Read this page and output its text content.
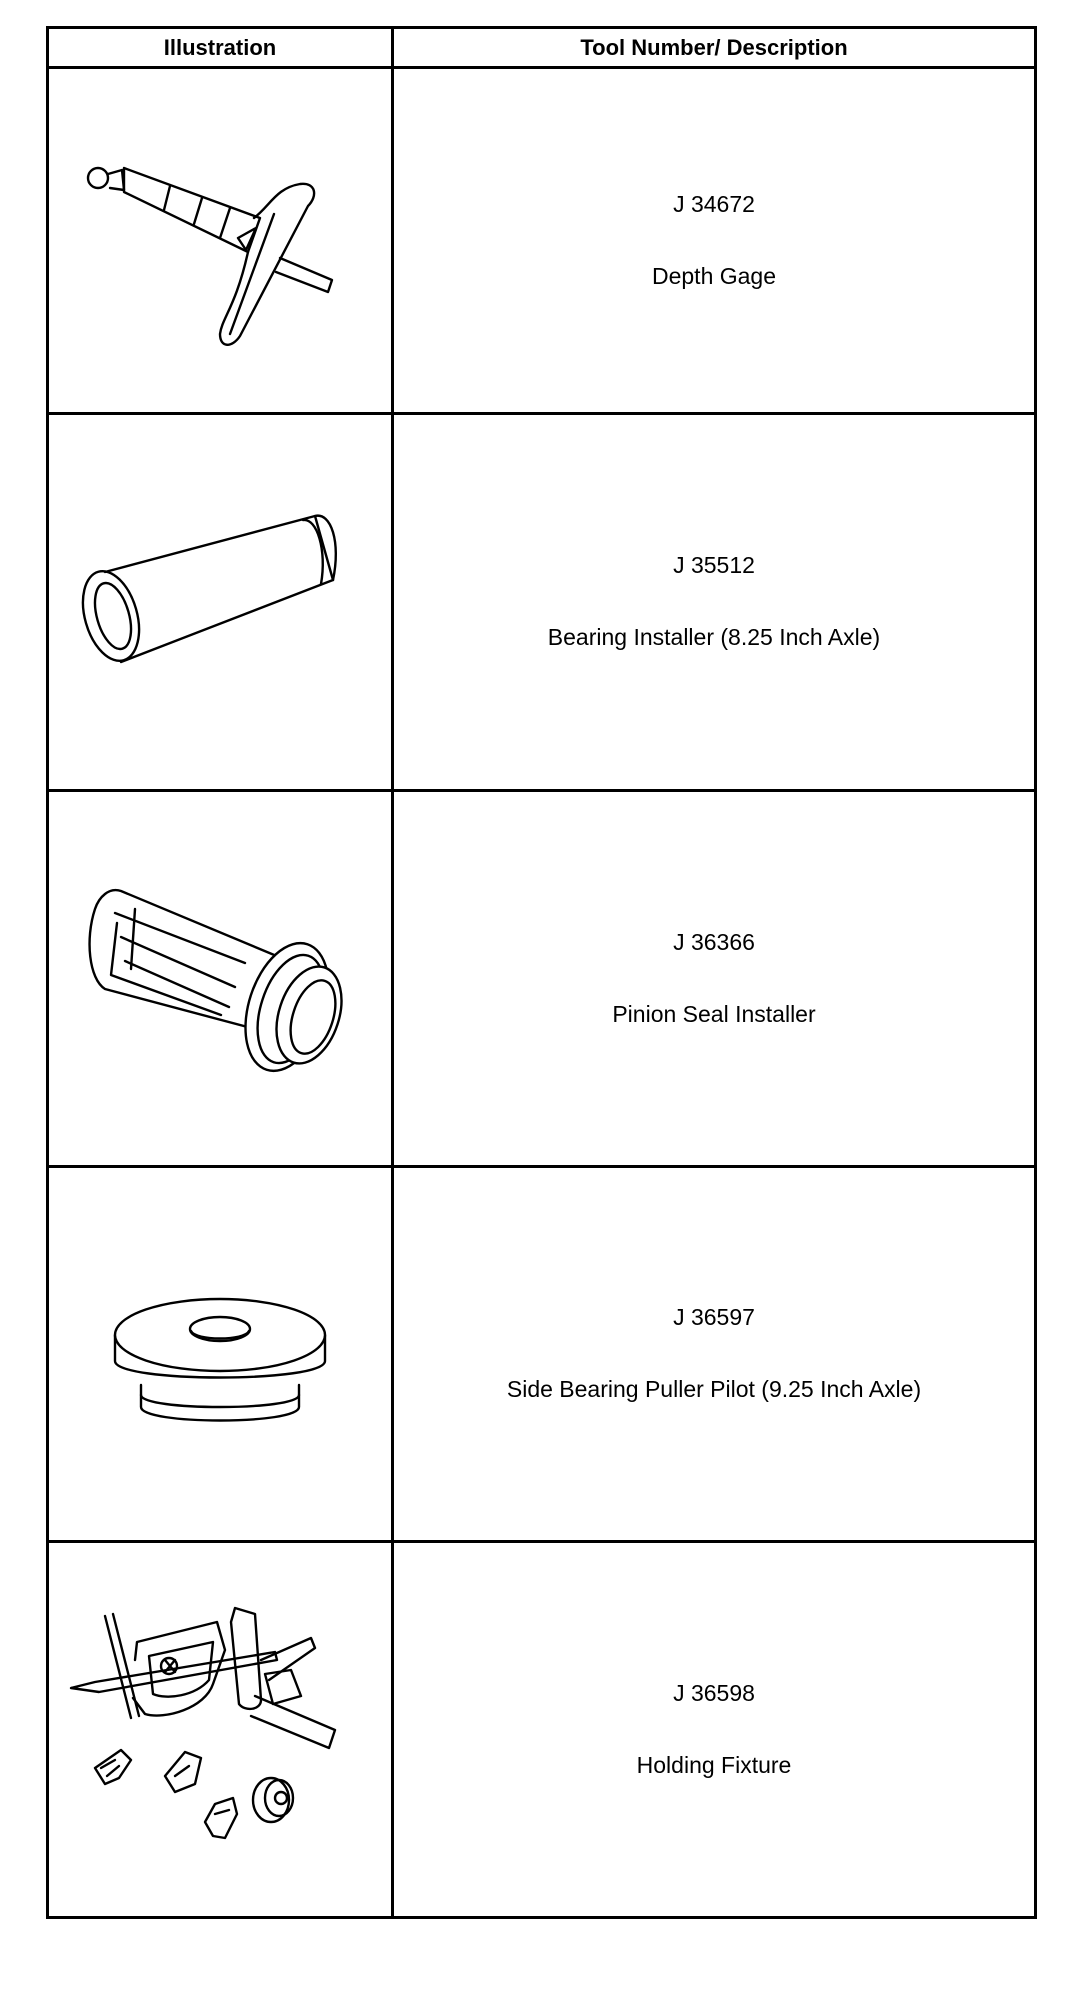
Illustration	Tool Number/ Description

J 34672
Depth Gage

J 35512
Bearing Installer (8.25 Inch Axle)

J 36366
Pinion Seal Installer

J 36597
Side Bearing Puller Pilot (9.25 Inch Axle)

J 36598
Holding Fixture
